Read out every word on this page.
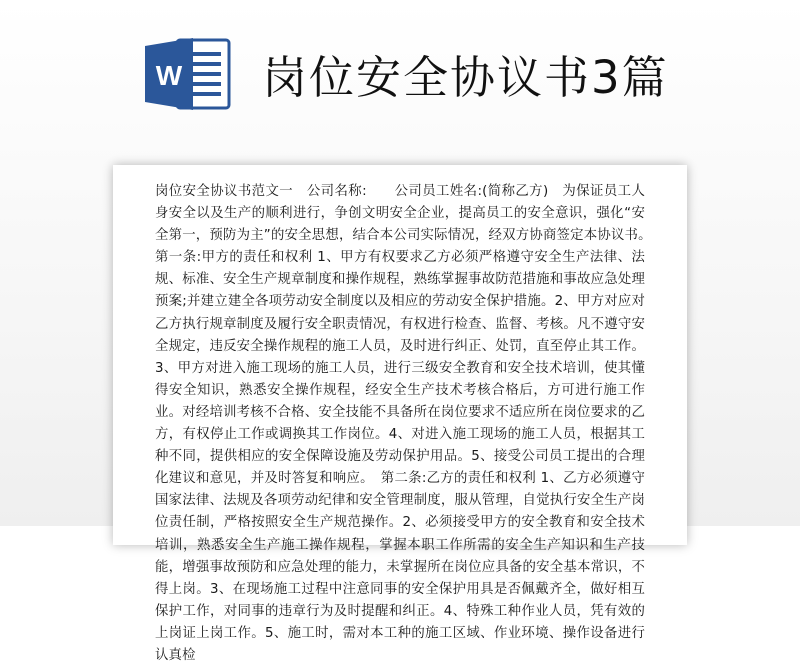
W 岗位安全协议书3篇

岗位安全协议书范文一　公司名称:　　公司员工姓名:(简称乙方)　为保证员工人身安全以及生产的顺利进行，争创文明安全企业，提高员工的安全意识，强化“安全第一，预防为主”的安全思想，结合本公司实际情况，经双方协商签定本协议书。　第一条:甲方的责任和权利 1、甲方有权要求乙方必须严格遵守安全生产法律、法规、标准、安全生产规章制度和操作规程，熟练掌握事故防范措施和事故应急处理预案;并建立建全各项劳动安全制度以及相应的劳动安全保护措施。2、甲方对应对乙方执行规章制度及履行安全职责情况，有权进行检查、监督、考核。凡不遵守安全规定，违反安全操作规程的施工人员，及时进行纠正、处罚，直至停止其工作。3、甲方对进入施工现场的施工人员，进行三级安全教育和安全技术培训，使其懂得安全知识，熟悉安全操作规程，经安全生产技术考核合格后，方可进行施工作业。对经培训考核不合格、安全技能不具备所在岗位要求不适应所在岗位要求的乙方，有权停止工作或调换其工作岗位。4、对进入施工现场的施工人员，根据其工种不同，提供相应的安全保障设施及劳动保护用品。5、接受公司员工提出的合理化建议和意见，并及时答复和响应。　第二条:乙方的责任和权利 1、乙方必须遵守国家法律、法规及各项劳动纪律和安全管理制度，服从管理，自觉执行安全生产岗位责任制，严格按照安全生产规范操作。2、必须接受甲方的安全教育和安全技术培训，熟悉安全生产施工操作规程，掌握本职工作所需的安全生产知识和生产技能，增强事故预防和应急处理的能力，未掌握所在岗位应具备的安全基本常识，不得上岗。3、在现场施工过程中注意同事的安全保护用具是否佩戴齐全，做好相互保护工作，对同事的违章行为及时提醒和纠正。4、特殊工种作业人员，凭有效的上岗证上岗工作。5、施工时，需对本工种的施工区域、作业环境、操作设备进行认真检
